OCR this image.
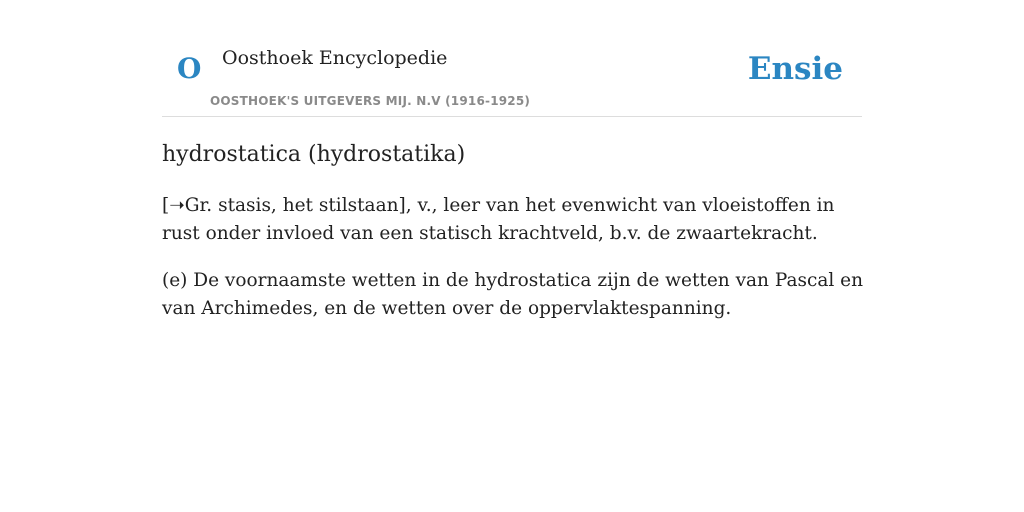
O Oosthoek Encyclopedie
OOSTHOEK'S UITGEVERS MIJ. N.V (1916-1925)
Ensie
hydrostatica (hydrostatika)

[➝Gr. stasis, het stilstaan], v., leer van het evenwicht van vloeistoffen in rust onder invloed van een statisch krachtveld, b.v. de zwaartekracht.

(e) De voornaamste wetten in de hydrostatica zijn de wetten van Pascal en van Archimedes, en de wetten over de oppervlaktespanning.
